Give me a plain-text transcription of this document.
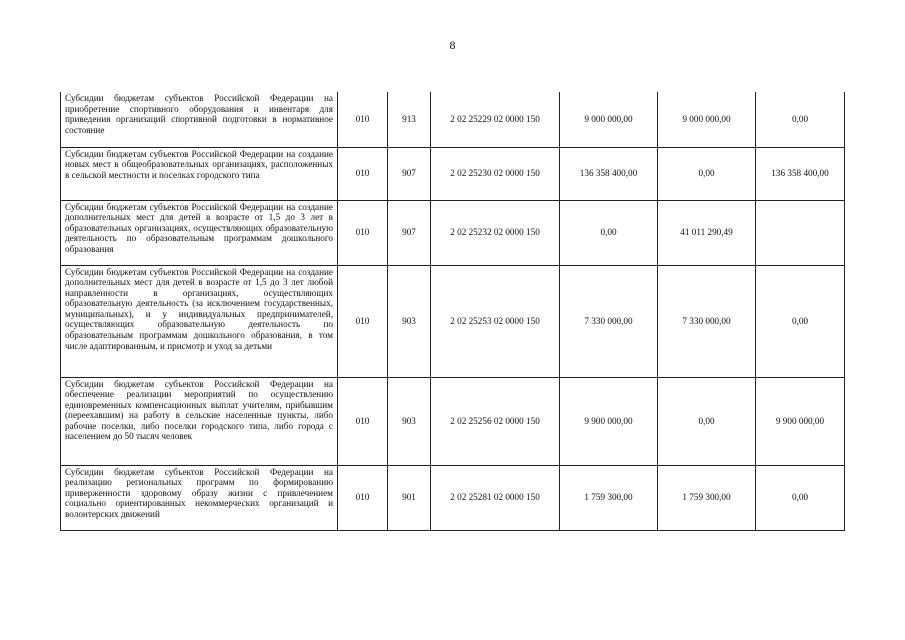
8
Субсидии бюджетам субъектов Российской Федерации на приобретение спортивного оборудования и инвентаря для приведения организаций спортивной подготовки в нормативное состояние	010	913	2 02 25229 02 0000 150	9 000 000,00	9 000 000,00	0,00
Субсидии бюджетам субъектов Российской Федерации на создание новых мест в общеобразовательных организациях, расположенных в сельской местности и поселках городского типа	010	907	2 02 25230 02 0000 150	136 358 400,00	0,00	136 358 400,00
Субсидии бюджетам субъектов Российской Федерации на создание дополнительных мест для детей в возрасте от 1,5 до 3 лет в образовательных организациях, осуществляющих образовательную деятельность по образовательным программам дошкольного образования	010	907	2 02 25232 02 0000 150	0,00	41 011 290,49	
Субсидии бюджетам субъектов Российской Федерации на создание дополнительных мест для детей в возрасте от 1,5 до 3 лет любой направленности в организациях, осуществляющих образовательную деятельность (за исключением государственных, муниципальных), и у индивидуальных предпринимателей, осуществляющих образовательную деятельность по образовательным программам дошкольного образования, в том числе адаптированным, и присмотр и уход за детьми	010	903	2 02 25253 02 0000 150	7 330 000,00	7 330 000,00	0,00
Субсидии бюджетам субъектов Российской Федерации на обеспечение реализации мероприятий по осуществлению единовременных компенсационных выплат учителям, прибывшим (переехавшим) на работу в сельские населенные пункты, либо рабочие поселки, либо поселки городского типа, либо города с населением до 50 тысяч человек	010	903	2 02 25256 02 0000 150	9 900 000,00	0,00	9 900 000,00
Субсидии бюджетам субъектов Российской Федерации на реализацию региональных программ по формированию приверженности здоровому образу жизни с привлечением социально ориентированных некоммерческих организаций и волонтерских движений	010	901	2 02 25281 02 0000 150	1 759 300,00	1 759 300,00	0,00
